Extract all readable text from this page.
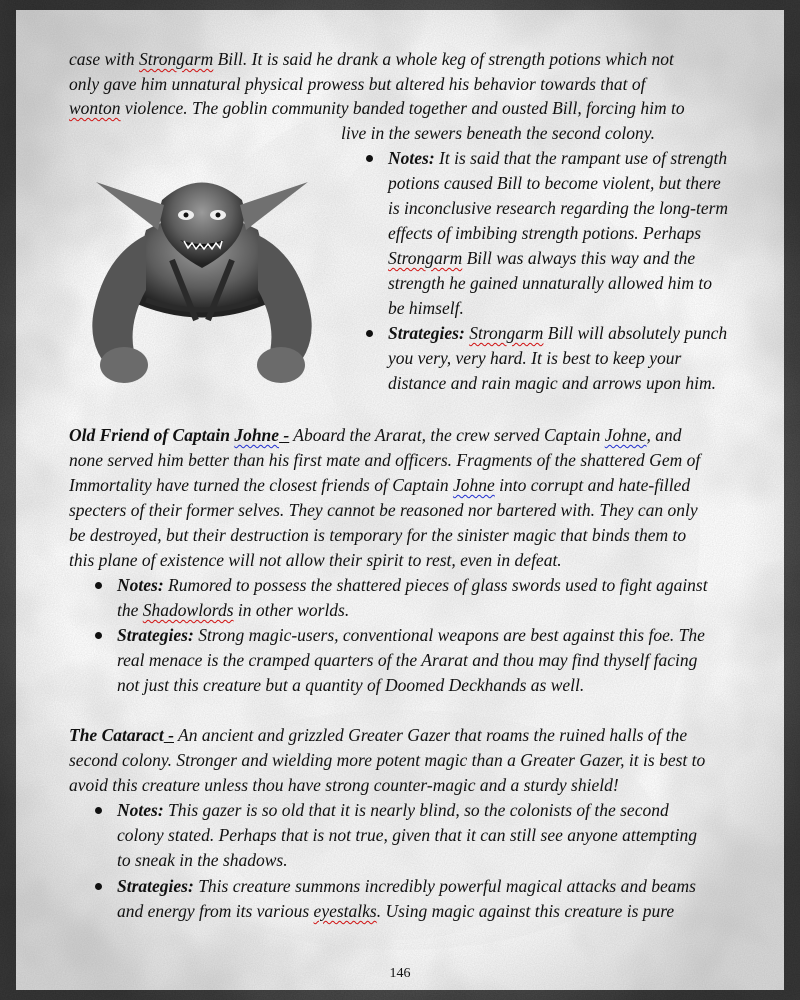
case with Strongarm Bill. It is said he drank a whole keg of strength potions which not
only gave him unnatural physical prowess but altered his behavior towards that of
wonton violence. The goblin community banded together and ousted Bill, forcing him to
live in the sewers beneath the second colony.
Notes: It is said that the rampant use of strength
potions caused Bill to become violent, but there
is inconclusive research regarding the long-term
effects of imbibing strength potions. Perhaps
Strongarm Bill was always this way and the
strength he gained unnaturally allowed him to
be himself.
Strategies: Strongarm Bill will absolutely punch
you very, very hard. It is best to keep your
distance and rain magic and arrows upon him.
Old Friend of Captain Johne - Aboard the Ararat, the crew served Captain Johne, and
none served him better than his first mate and officers. Fragments of the shattered Gem of
Immortality have turned the closest friends of Captain Johne into corrupt and hate-filled
specters of their former selves. They cannot be reasoned nor bartered with. They can only
be destroyed, but their destruction is temporary for the sinister magic that binds them to
this plane of existence will not allow their spirit to rest, even in defeat.
Notes: Rumored to possess the shattered pieces of glass swords used to fight against
the Shadowlords in other worlds.
Strategies: Strong magic-users, conventional weapons are best against this foe. The
real menace is the cramped quarters of the Ararat and thou may find thyself facing
not just this creature but a quantity of Doomed Deckhands as well.
The Cataract - An ancient and grizzled Greater Gazer that roams the ruined halls of the
second colony. Stronger and wielding more potent magic than a Greater Gazer, it is best to
avoid this creature unless thou have strong counter-magic and a sturdy shield!
Notes: This gazer is so old that it is nearly blind, so the colonists of the second
colony stated. Perhaps that is not true, given that it can still see anyone attempting
to sneak in the shadows.
Strategies: This creature summons incredibly powerful magical attacks and beams
and energy from its various eyestalks. Using magic against this creature is pure
146
